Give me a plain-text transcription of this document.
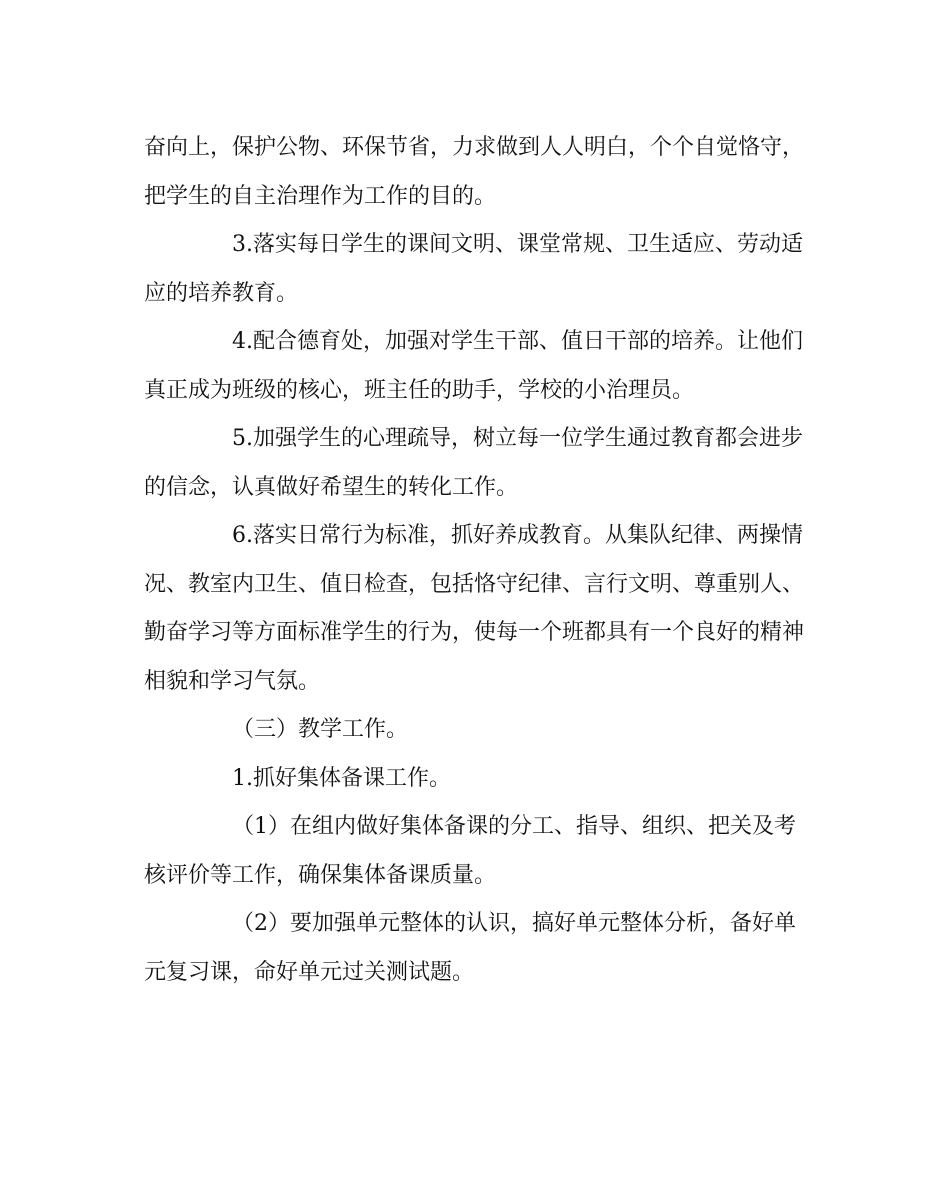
奋向上，保护公物、环保节省，力求做到人人明白，个个自觉恪守，把学生的自主治理作为工作的目的。

3.落实每日学生的课间文明、课堂常规、卫生适应、劳动适应的培养教育。

4.配合德育处，加强对学生干部、值日干部的培养。让他们真正成为班级的核心，班主任的助手，学校的小治理员。

5.加强学生的心理疏导，树立每一位学生通过教育都会进步的信念，认真做好希望生的转化工作。

6.落实日常行为标准，抓好养成教育。从集队纪律、两操情况、教室内卫生、值日检查，包括恪守纪律、言行文明、尊重别人、勤奋学习等方面标准学生的行为，使每一个班都具有一个良好的精神相貌和学习气氛。

（三）教学工作。

1.抓好集体备课工作。

（1）在组内做好集体备课的分工、指导、组织、把关及考核评价等工作，确保集体备课质量。

（2）要加强单元整体的认识，搞好单元整体分析，备好单元复习课，命好单元过关测试题。
